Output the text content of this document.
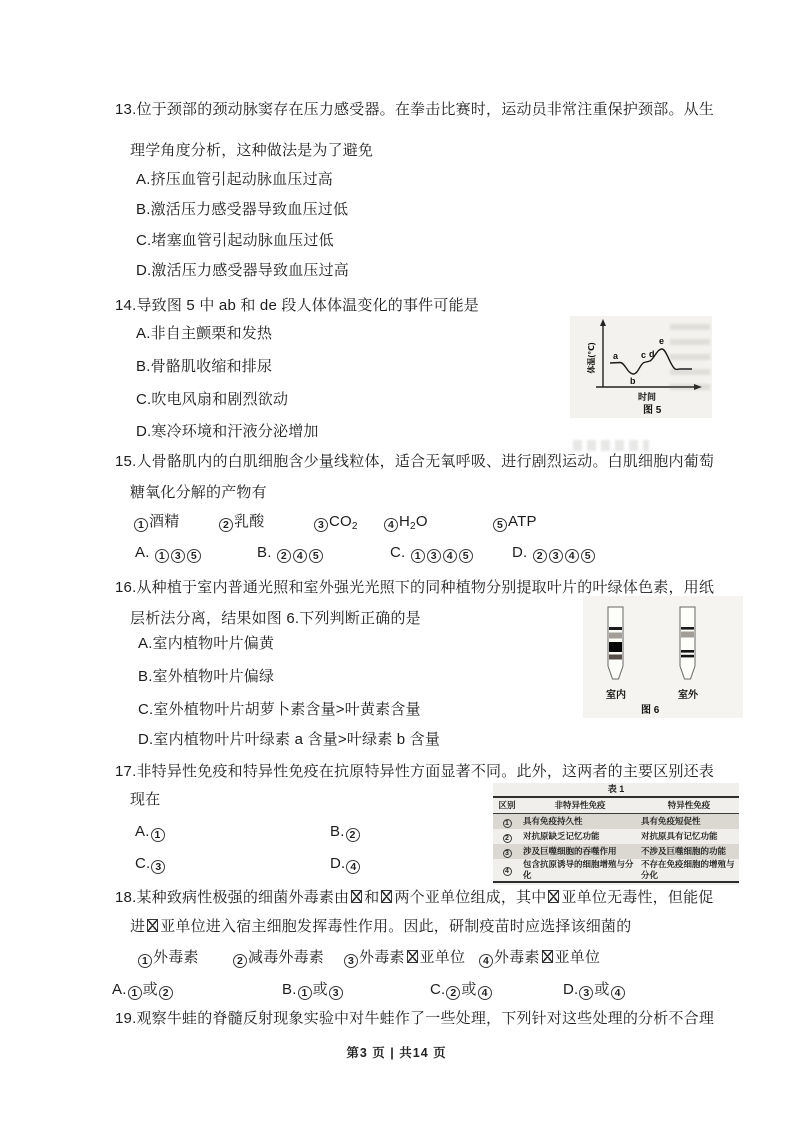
13.位于颈部的颈动脉窦存在压力感受器。在拳击比赛时，运动员非常注重保护颈部。从生
理学角度分析，这种做法是为了避免
A.挤压血管引起动脉血压过高
B.激活压力感受器导致血压过低
C.堵塞血管引起动脉血压过低
D.激活压力感受器导致血压过高
14.导致图 5 中 ab 和 de 段人体体温变化的事件可能是
A.非自主颤栗和发热
B.骨骼肌收缩和排尿
C.吹电风扇和剧烈欲动
D.寒冷环境和汗液分泌增加
a
b
c d
e
体温(℃)
时间
图 5
15.人骨骼肌内的白肌细胞含少量线粒体，适合无氧呼吸、进行剧烈运动。白肌细胞内葡萄
糖氧化分解的产物有
1 酒精	2 乳酸	3 $CO_2$	4 $H_2O$	5 ATP
A. 1 3 5	B. 2 4 5	C. 1 3 4 5	D. 2 3 4 5
16.从种植于室内普通光照和室外强光光照下的同种植物分别提取叶片的叶绿体色素，用纸
层析法分离，结果如图 6.下列判断正确的是
A.室内植物叶片偏黄
B.室外植物叶片偏绿
C.室外植物叶片胡萝卜素含量>叶黄素含量
D.室内植物叶片叶绿素 a 含量>叶绿素 b 含量
室内	室外
图 6
17.非特异性免疫和特异性免疫在抗原特异性方面显著不同。此外，这两者的主要区别还表
现在
A. 1	B. 2
C. 3	D. 4
表 1
区别	非特异性免疫	特异性免疫
1	具有免疫持久性	具有免疫短促性
2	对抗原缺乏记忆功能	对抗原具有记忆功能
3	涉及巨噬细胞的吞噬作用	不涉及巨噬细胞的功能
4	包含抗原诱导的细胞增殖与分化	不存在免疫细胞的增殖与分化
18.某种致病性极强的细菌外毒素由 和 两个亚单位组成，其中 亚单位无毒性，但能促
进 亚单位进入宿主细胞发挥毒性作用。因此，研制疫苗时应选择该细菌的
1 外毒素	2 减毒外毒素	3 外毒素 亚单位	4 外毒素 亚单位
A. 1 或 2	B. 1 或 3	C. 2 或 4	D. 3 或 4
19.观察牛蛙的脊髓反射现象实验中对牛蛙作了一些处理，下列针对这些处理的分析不合理
第3 页 | 共14 页
